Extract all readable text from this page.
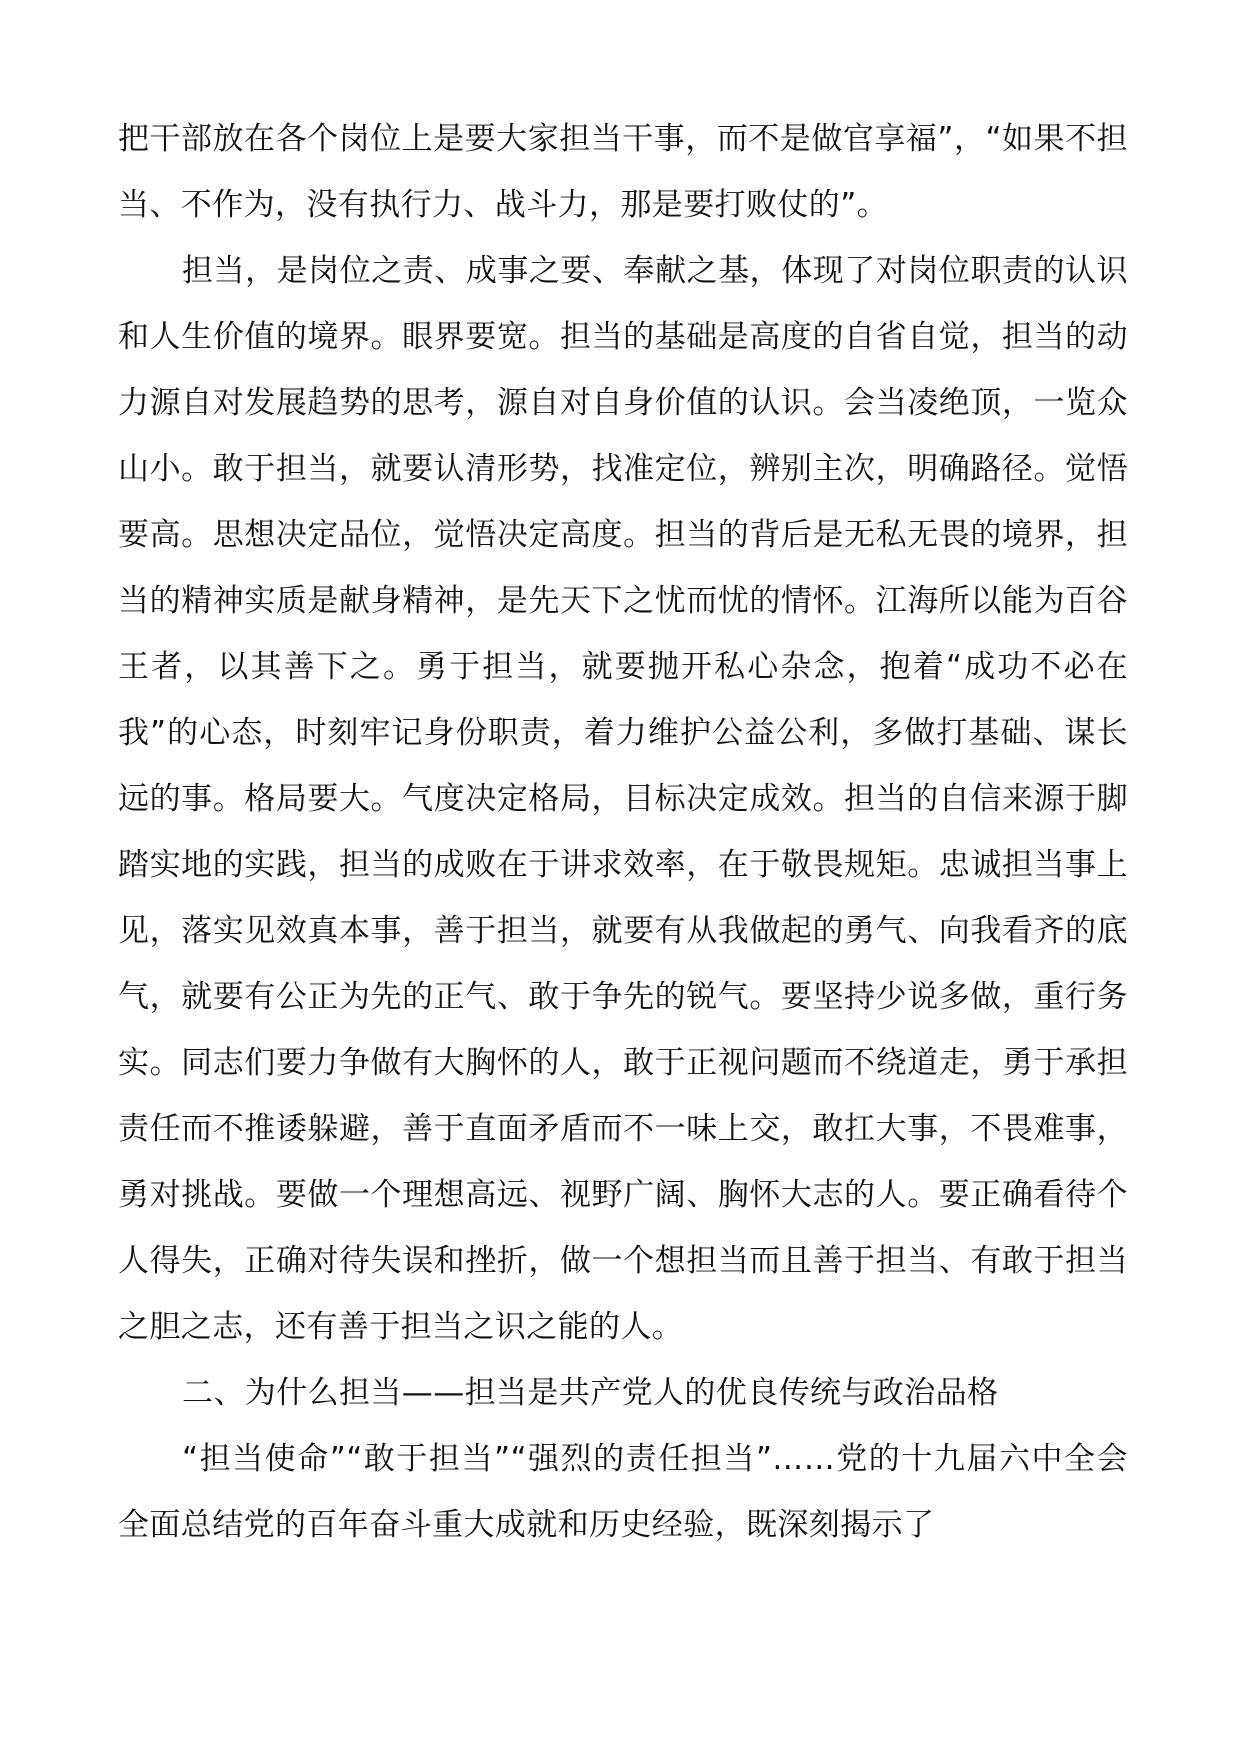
把干部放在各个岗位上是要大家担当干事，而不是做官享福”，“如果不担当、不作为，没有执行力、战斗力，那是要打败仗的”。

担当，是岗位之责、成事之要、奉献之基，体现了对岗位职责的认识和人生价值的境界。眼界要宽。担当的基础是高度的自省自觉，担当的动力源自对发展趋势的思考，源自对自身价值的认识。会当凌绝顶，一览众山小。敢于担当，就要认清形势，找准定位，辨别主次，明确路径。觉悟要高。思想决定品位，觉悟决定高度。担当的背后是无私无畏的境界，担当的精神实质是献身精神，是先天下之忧而忧的情怀。江海所以能为百谷王者，以其善下之。勇于担当，就要抛开私心杂念，抱着“成功不必在我”的心态，时刻牢记身份职责，着力维护公益公利，多做打基础、谋长远的事。格局要大。气度决定格局，目标决定成效。担当的自信来源于脚踏实地的实践，担当的成败在于讲求效率，在于敬畏规矩。忠诚担当事上见，落实见效真本事，善于担当，就要有从我做起的勇气、向我看齐的底气，就要有公正为先的正气、敢于争先的锐气。要坚持少说多做，重行务实。同志们要力争做有大胸怀的人，敢于正视问题而不绕道走，勇于承担责任而不推诿躲避，善于直面矛盾而不一味上交，敢扛大事，不畏难事，勇对挑战。要做一个理想高远、视野广阔、胸怀大志的人。要正确看待个人得失，正确对待失误和挫折，做一个想担当而且善于担当、有敢于担当之胆之志，还有善于担当之识之能的人。

二、为什么担当——担当是共产党人的优良传统与政治品格

“担当使命”“敢于担当”“强烈的责任担当”……党的十九届六中全会全面总结党的百年奋斗重大成就和历史经验，既深刻揭示了
